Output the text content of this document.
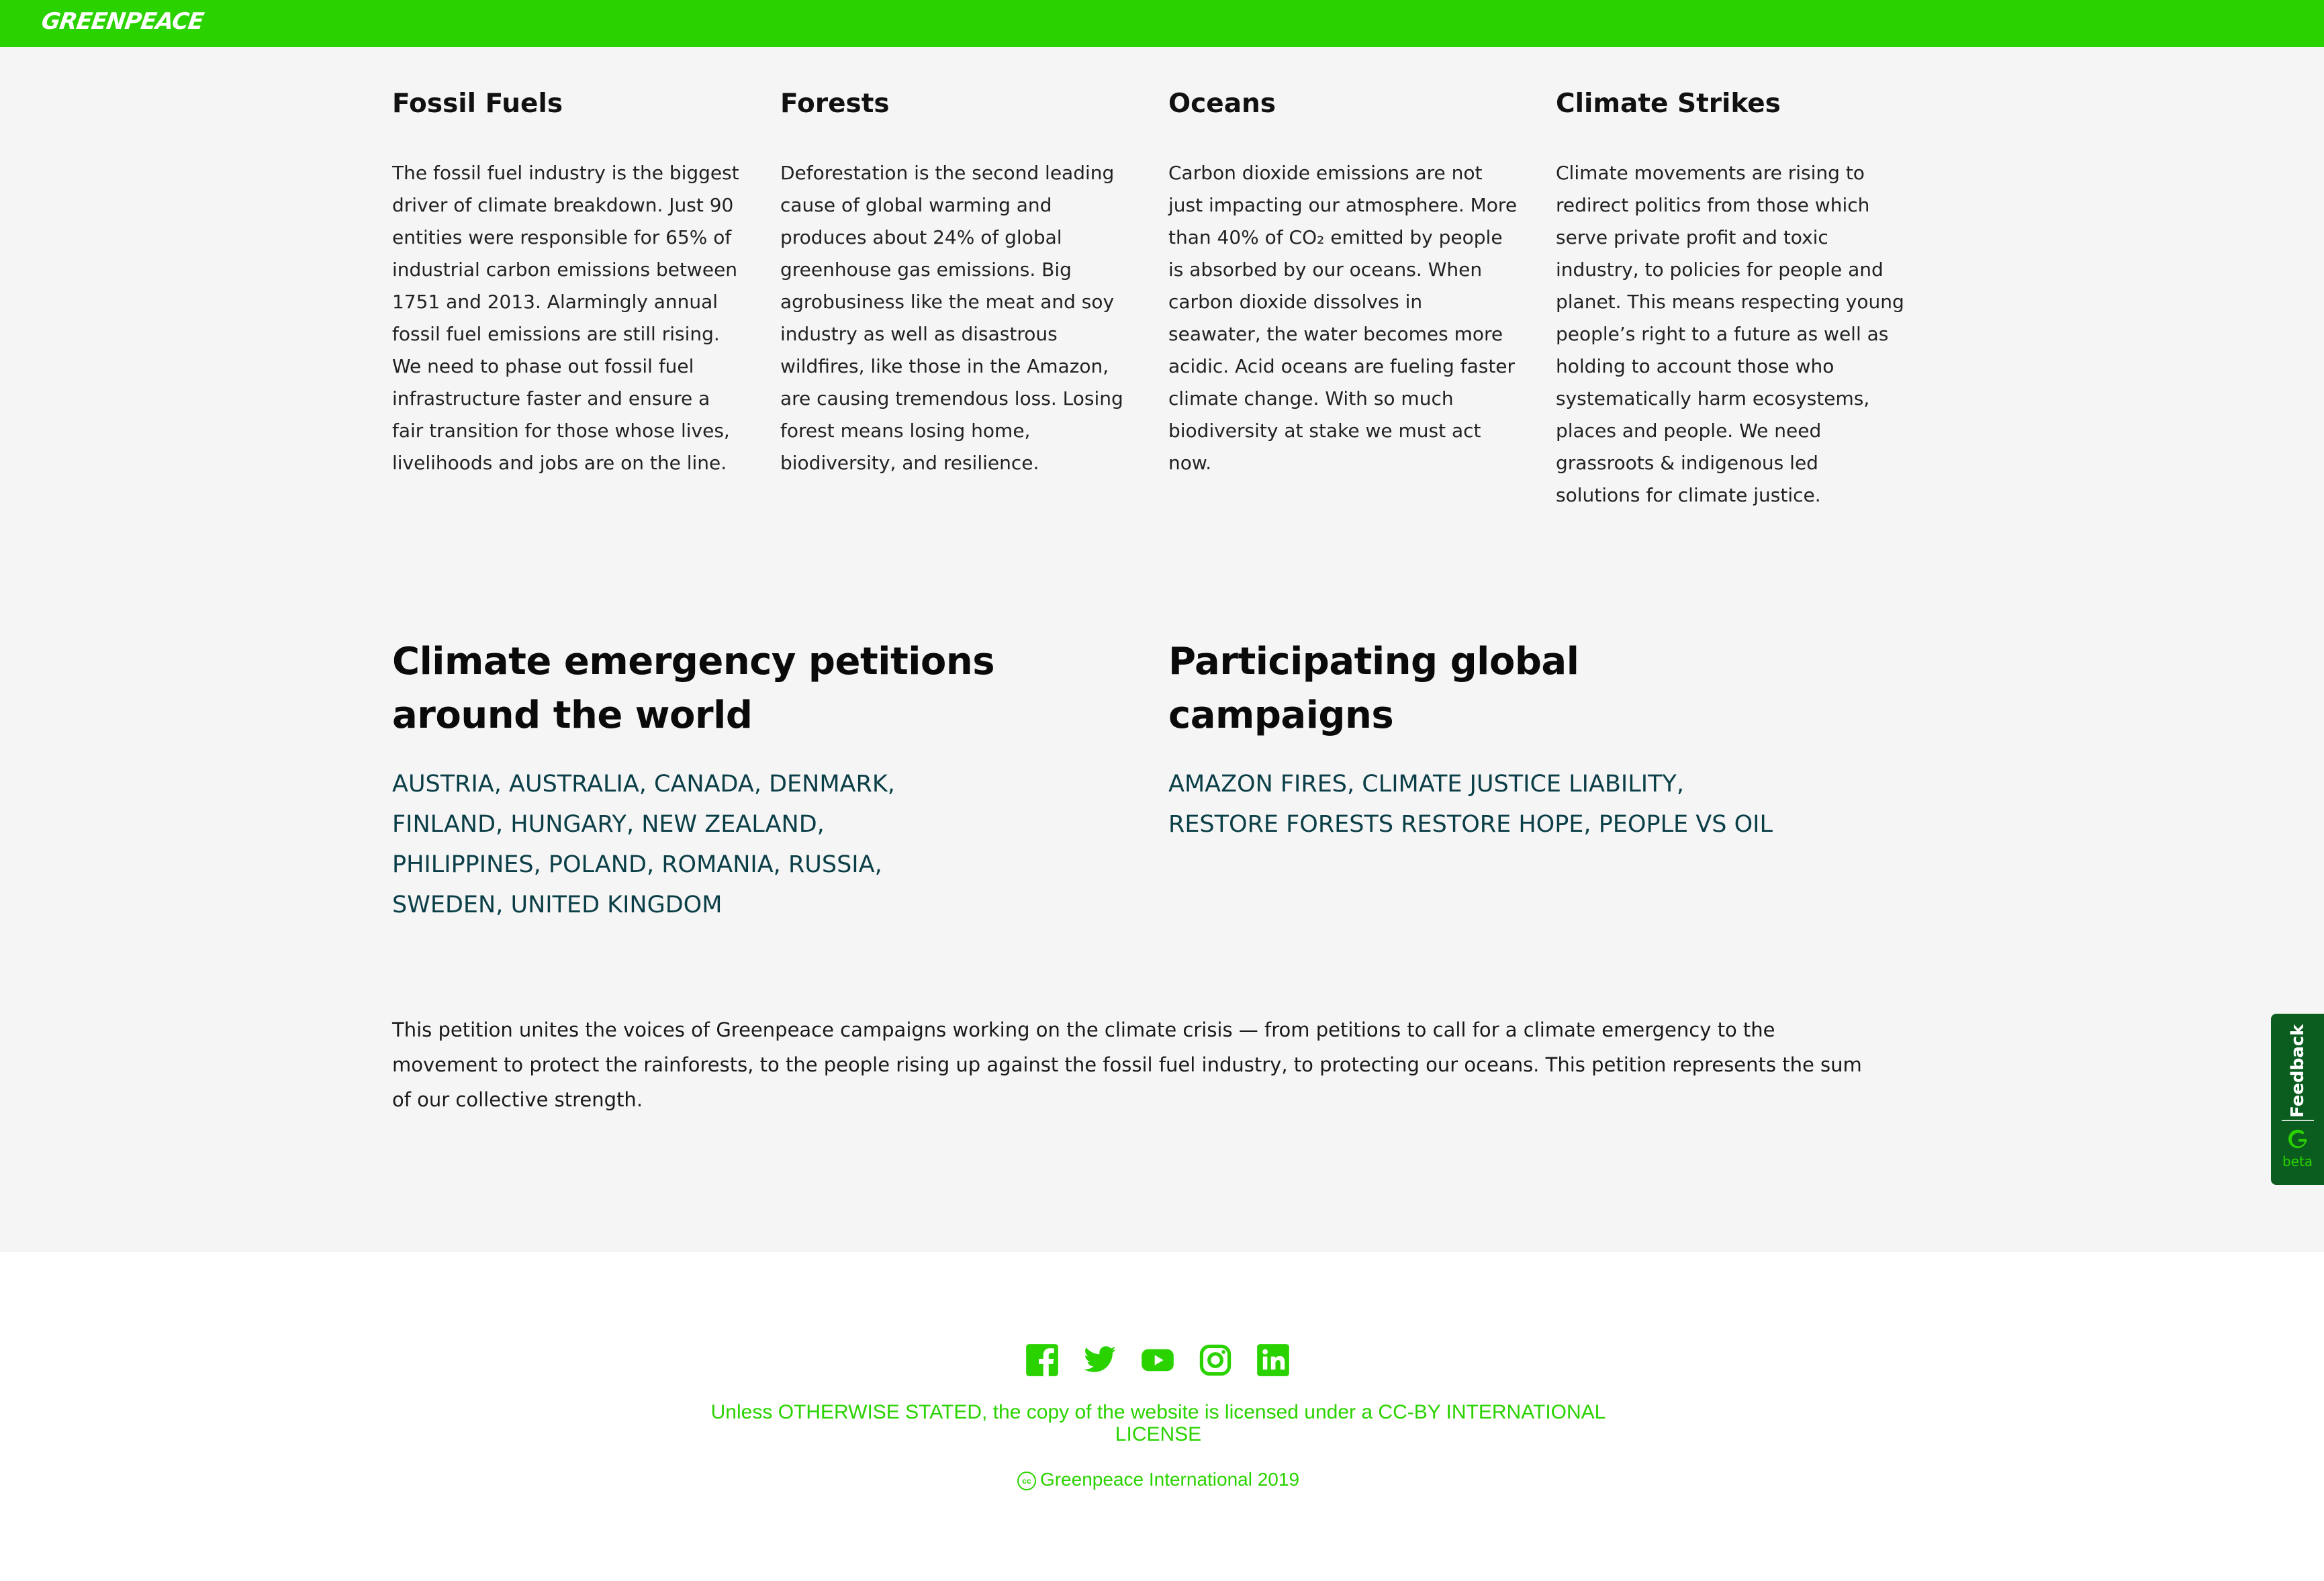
GREENPEACE
Fossil Fuels

The fossil fuel industry is the biggest driver of climate breakdown. Just 90 entities were responsible for 65% of industrial carbon emissions between 1751 and 2013. Alarmingly annual fossil fuel emissions are still rising. We need to phase out fossil fuel infrastructure faster and ensure a fair transition for those whose lives, livelihoods and jobs are on the line.

Forests

Deforestation is the second leading cause of global warming and produces about 24% of global greenhouse gas emissions. Big agrobusiness like the meat and soy industry as well as disastrous wildfires, like those in the Amazon, are causing tremendous loss. Losing forest means losing home, biodiversity, and resilience.

Oceans

Carbon dioxide emissions are not just impacting our atmosphere. More than 40% of CO₂ emitted by people is absorbed by our oceans. When carbon dioxide dissolves in seawater, the water becomes more acidic. Acid oceans are fueling faster climate change. With so much biodiversity at stake we must act now.

Climate Strikes

Climate movements are rising to redirect politics from those which serve private profit and toxic industry, to policies for people and planet. This means respecting young people’s right to a future as well as holding to account those who systematically harm ecosystems, places and people. We need grassroots & indigenous led solutions for climate justice.

Climate emergency petitions
around the world
AUSTRIA, AUSTRALIA, CANADA, DENMARK,
FINLAND, HUNGARY, NEW ZEALAND,
PHILIPPINES, POLAND, ROMANIA, RUSSIA,
SWEDEN, UNITED KINGDOM
Participating global
campaigns
AMAZON FIRES, CLIMATE JUSTICE LIABILITY,
RESTORE FORESTS RESTORE HOPE, PEOPLE VS OIL

This petition unites the voices of Greenpeace campaigns working on the climate crisis — from petitions to call for a climate emergency to the movement to protect the rainforests, to the people rising up against the fossil fuel industry, to protecting our oceans. This petition represents the sum of our collective strength.

Unless OTHERWISE STATED, the copy of the website is licensed under a CC-BY INTERNATIONAL LICENSE
cc Greenpeace International 2019
Feedback
beta
